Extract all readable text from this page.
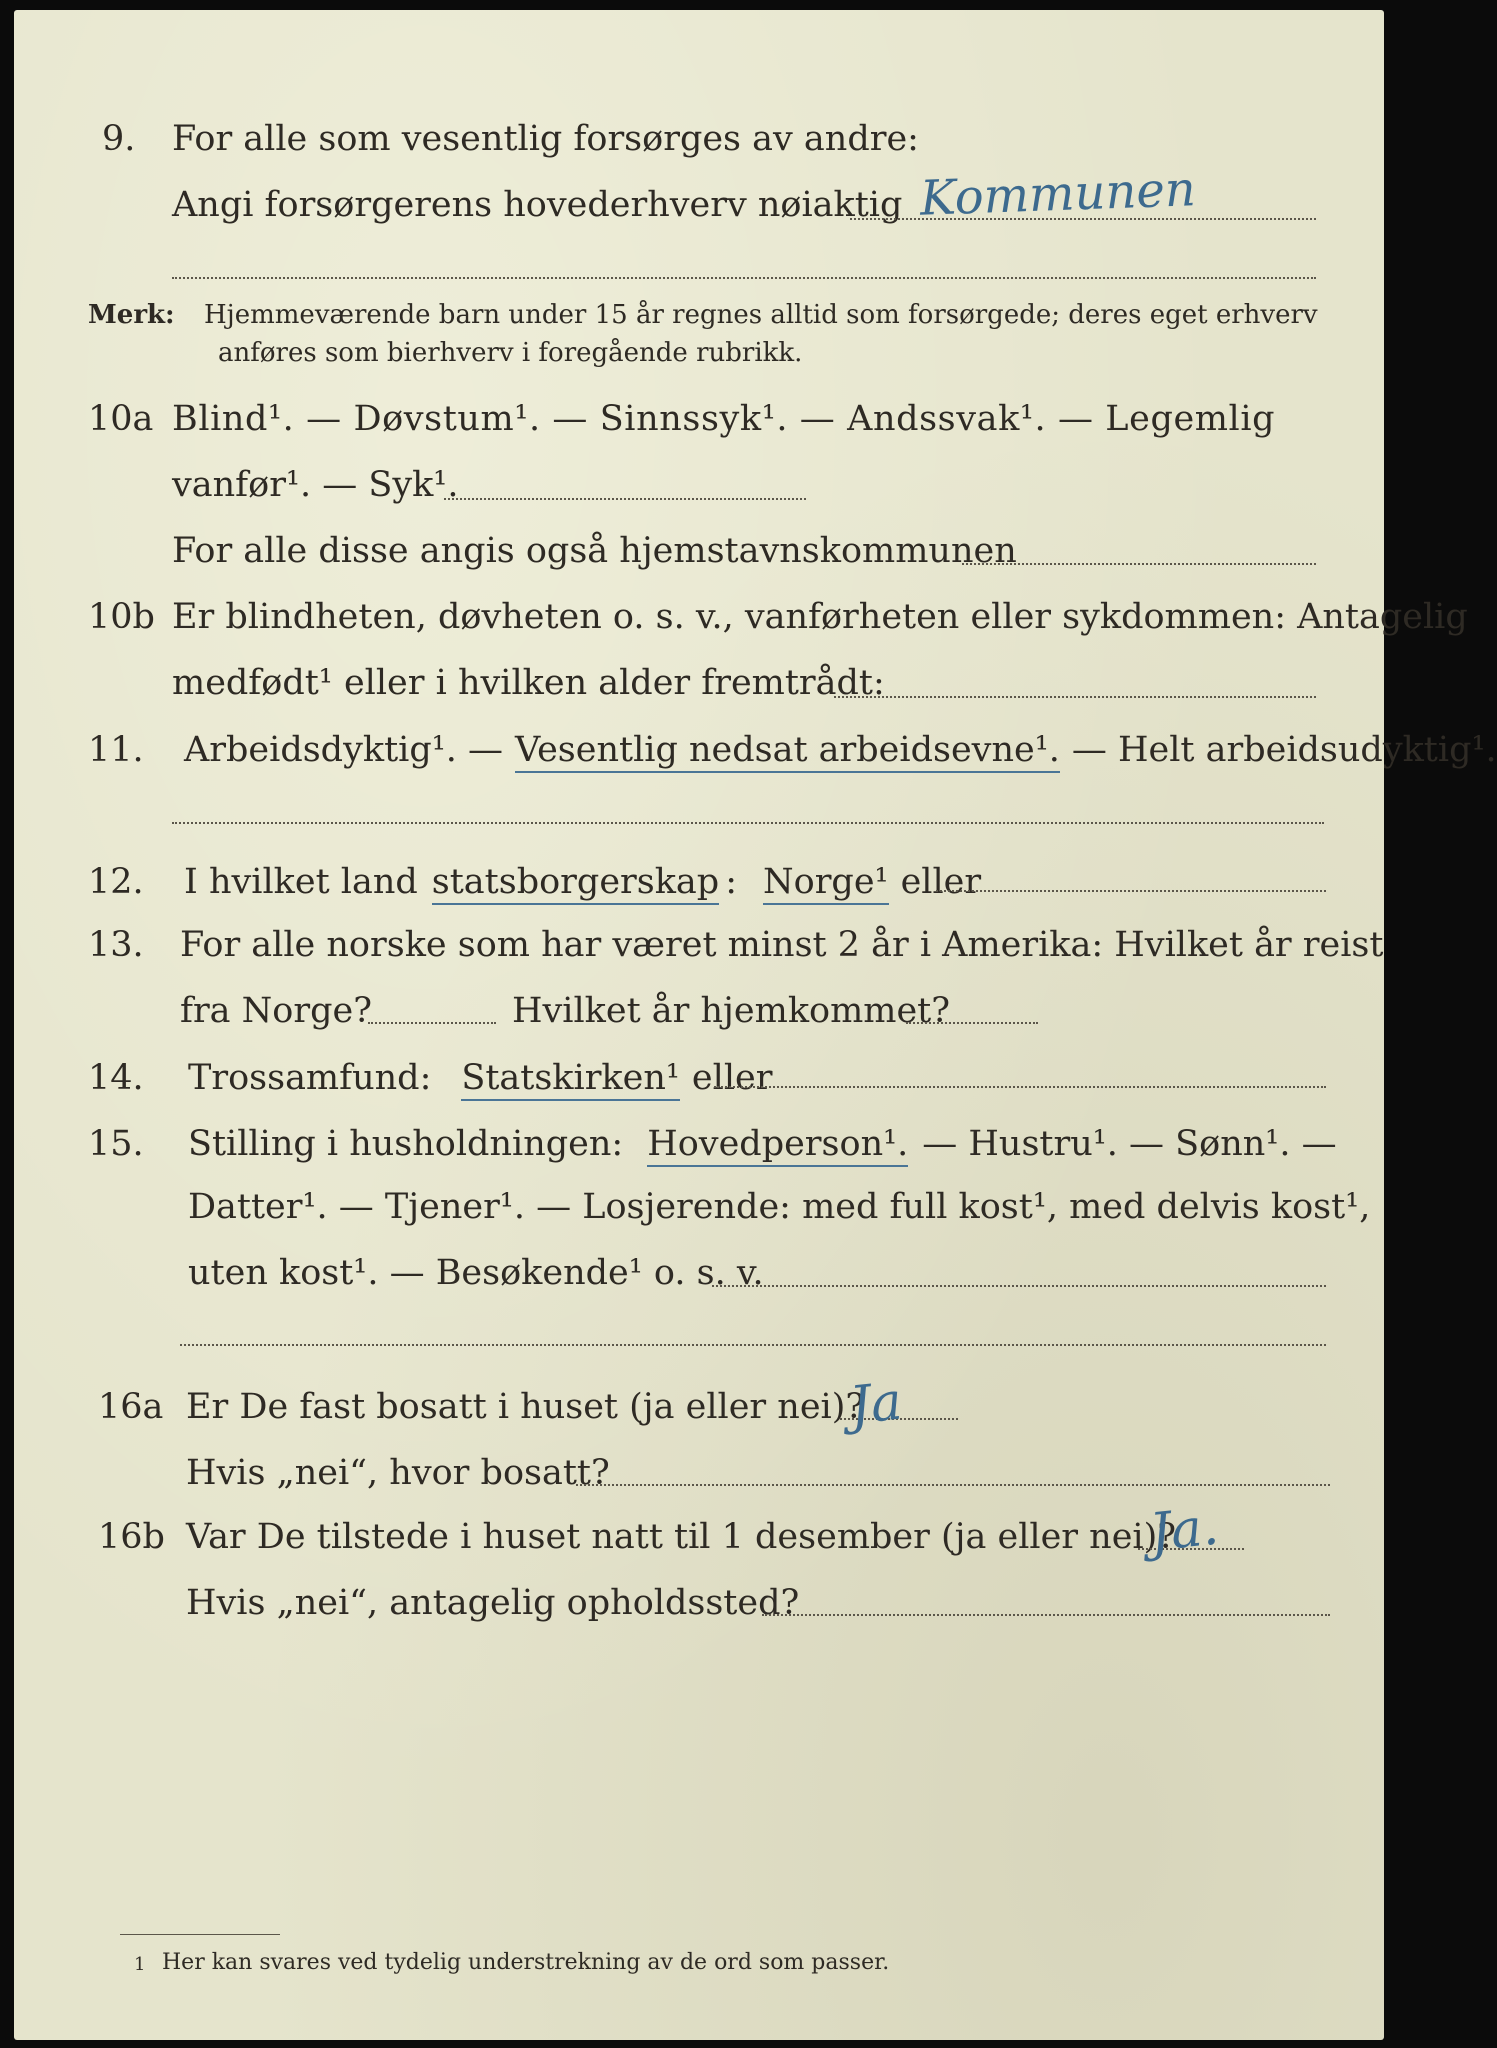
9. For alle som vesentlig forsørges av andre:
Angi forsørgerens hovederhverv nøiaktig Kommunen
Merk: Hjemmeværende barn under 15 år regnes alltid som forsørgede; deres eget erhverv
anføres som bierhverv i foregående rubrikk.
10a Blind¹. — Døvstum¹. — Sinnssyk¹. — Andssvak¹. — Legemlig
vanfør¹. — Syk¹.
For alle disse angis også hjemstavnskommunen
10b Er blindheten, døvheten o. s. v., vanførheten eller sykdommen: Antagelig
medfødt¹ eller i hvilken alder fremtrådt:
11.	Arbeidsdyktig¹. — Vesentlig nedsat arbeidsevne¹. — Helt arbeidsudyktig¹.
12.	I hvilket land statsborgerskap : Norge¹ eller
13. For alle norske som har været minst 2 år i Amerika: Hvilket år reist
fra Norge?	Hvilket år hjemkommet?
14.	Trossamfund: Statskirken¹ eller
15.	Stilling i husholdningen: Hovedperson¹. — Hustru¹. — Sønn¹. —
Datter¹. — Tjener¹. — Losjerende: med full kost¹, med delvis kost¹,
uten kost¹. — Besøkende¹ o. s. v.
16a Er De fast bosatt i huset (ja eller nei)?
Ja
Hvis „nei“, hvor bosatt?
16b Var De tilstede i huset natt til 1 desember (ja eller nei)?
Ja.
Hvis „nei“, antagelig opholdssted?
1 Her kan svares ved tydelig understrekning av de ord som passer.
